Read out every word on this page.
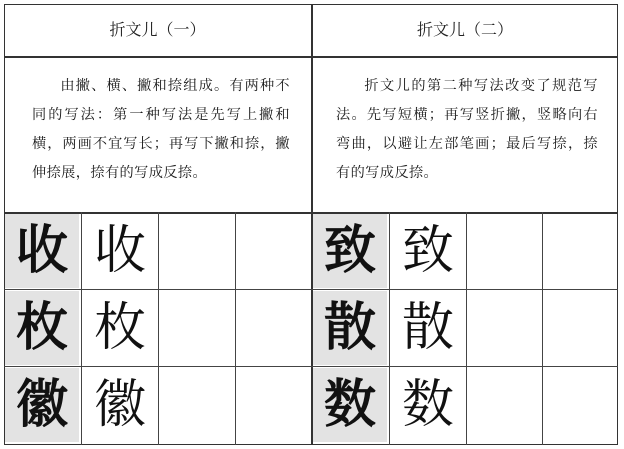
折文儿（一）	折文儿（二）
由撇、横、撇和捺组成。有两种不同的写法：第一种写法是先写上撇和横，两画不宜写长；再写下撇和捺，撇伸捺展，捺有的写成反捺。
折文儿的第二种写法改变了规范写法。先写短横；再写竖折撇，竖略向右弯曲，以避让左部笔画；最后写捺，捺有的写成反捺。
收 收
枚 枚
徽 徽
致 致
散 散
数 数
